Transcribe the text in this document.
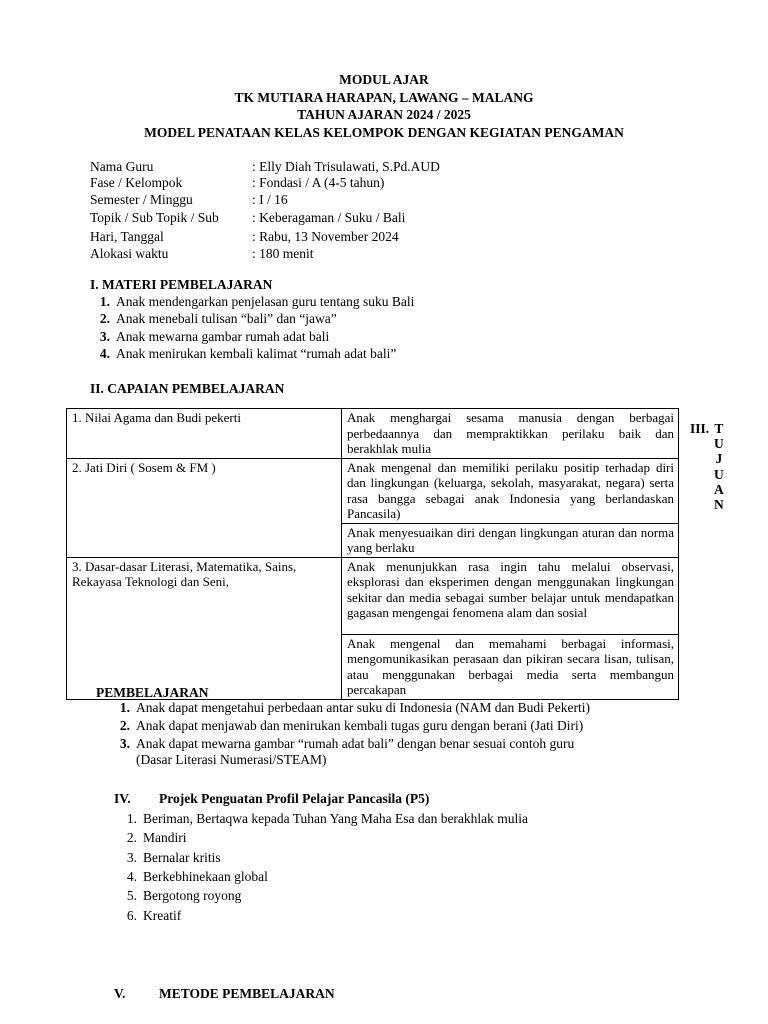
MODUL AJAR
TK MUTIARA HARAPAN, LAWANG – MALANG
TAHUN AJARAN 2024 / 2025
MODEL PENATAAN KELAS KELOMPOK DENGAN KEGIATAN PENGAMAN
Nama Guru	: Elly Diah Trisulawati, S.Pd.AUD
Fase / Kelompok	: Fondasi / A (4-5 tahun)
Semester / Minggu	: I / 16
Topik / Sub Topik / Sub : Keberagaman / Suku / Bali
Hari, Tanggal	: Rabu, 13 November 2024
Alokasi waktu	: 180 menit
I. MATERI PEMBELAJARAN
1. Anak mendengarkan penjelasan guru tentang suku Bali
2. Anak menebali tulisan “bali” dan “jawa”
3. Anak mewarna gambar rumah adat bali
4. Anak menirukan kembali kalimat “rumah adat bali”
II. CAPAIAN PEMBELAJARAN
1. Nilai Agama dan Budi pekerti	Anak menghargai sesama manusia dengan berbagai perbedaannya dan mempraktikkan perilaku baik dan berakhlak mulia
2. Jati Diri ( Sosem & FM )	Anak mengenal dan memiliki perilaku positip terhadap diri dan lingkungan (keluarga, sekolah, masyarakat, negara) serta rasa bangga sebagai anak Indonesia yang berlandaskan Pancasila)
	Anak menyesuaikan diri dengan lingkungan aturan dan norma yang berlaku
3. Dasar-dasar Literasi, Matematika, Sains, Rekayasa Teknologi dan Seni,	Anak menunjukkan rasa ingin tahu melalui observasi, eksplorasi dan eksperimen dengan menggunakan lingkungan sekitar dan media sebagai sumber belajar untuk mendapatkan gagasan mengengai fenomena alam dan sosial
	Anak mengenal dan memahami berbagai informasi, mengomunikasikan perasaan dan pikiran secara lisan, tulisan, atau menggunakan berbagai media serta membangun percakapan
III. T
U
J
U
A
N
PEMBELAJARAN
1. Anak dapat mengetahui perbedaan antar suku di Indonesia (NAM dan Budi Pekerti)
2. Anak dapat menjawab dan menirukan kembali tugas guru dengan berani (Jati Diri)
3. Anak dapat mewarna gambar “rumah adat bali” dengan benar sesuai contoh guru
(Dasar Literasi Numerasi/STEAM)
IV. Projek Penguatan Profil Pelajar Pancasila (P5)
1. Beriman, Bertaqwa kepada Tuhan Yang Maha Esa dan berakhlak mulia
2. Mandiri
3. Bernalar kritis
4. Berkebhinekaan global
5. Bergotong royong
6. Kreatif
V. METODE PEMBELAJARAN
